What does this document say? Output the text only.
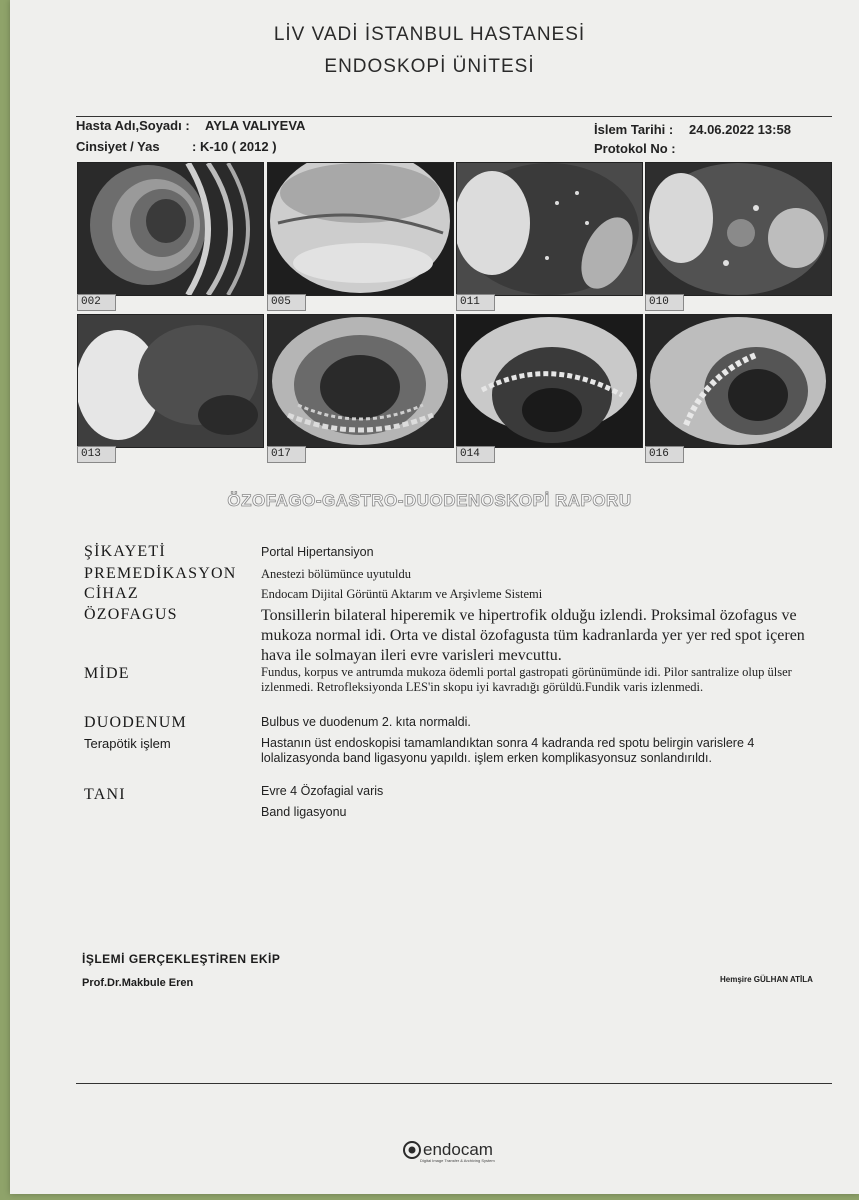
LİV VADİ İSTANBUL HASTANESİ
ENDOSKOPİ ÜNİTESİ
Hasta Adı,Soyadı : AYLA VALIYEVA
Cinsiyet / Yas : K-10 ( 2012 )
İslem Tarihi : 24.06.2022 13:58
Protokol No :
002	005	011	010
013	017	014	016
ÖZOFAGO-GASTRO-DUODENOSKOPİ RAPORU
ŞİKAYETİ	Portal Hipertansiyon
PREMEDİKASYON Anestezi bölümünce uyutuldu
CİHAZ	Endocam Dijital Görüntü Aktarım ve Arşivleme Sistemi
ÖZOFAGUS	Tonsillerin bilateral hiperemik ve hipertrofik olduğu izlendi. Proksimal özofagus ve mukoza normal idi. Orta ve distal özofagusta tüm kadranlarda yer yer red spot içeren hava ile solmayan ileri evre varisleri mevcuttu.
MİDE	Fundus, korpus ve antrumda mukoza ödemli portal gastropati görünümünde idi. Pilor santralize olup ülser izlenmedi. Retrofleksiyonda LES'in skopu iyi kavradığı görüldü.Fundik varis izlenmedi.
DUODENUM	Bulbus ve duodenum 2. kıta normaldi.
Terapötik işlem	Hastanın üst endoskopisi tamamlandıktan sonra 4 kadranda red spotu belirgin varislere 4 lolalizasyonda band ligasyonu yapıldı. işlem erken komplikasyonsuz sonlandırıldı.
TANI	Evre 4 Özofagial varis
Band ligasyonu
İŞLEMİ GERÇEKLEŞTİREN EKİP
Prof.Dr.Makbule Eren	Hemşire GÜLHAN ATİLA
endocam
Digital Image Transfer & Archiving System
